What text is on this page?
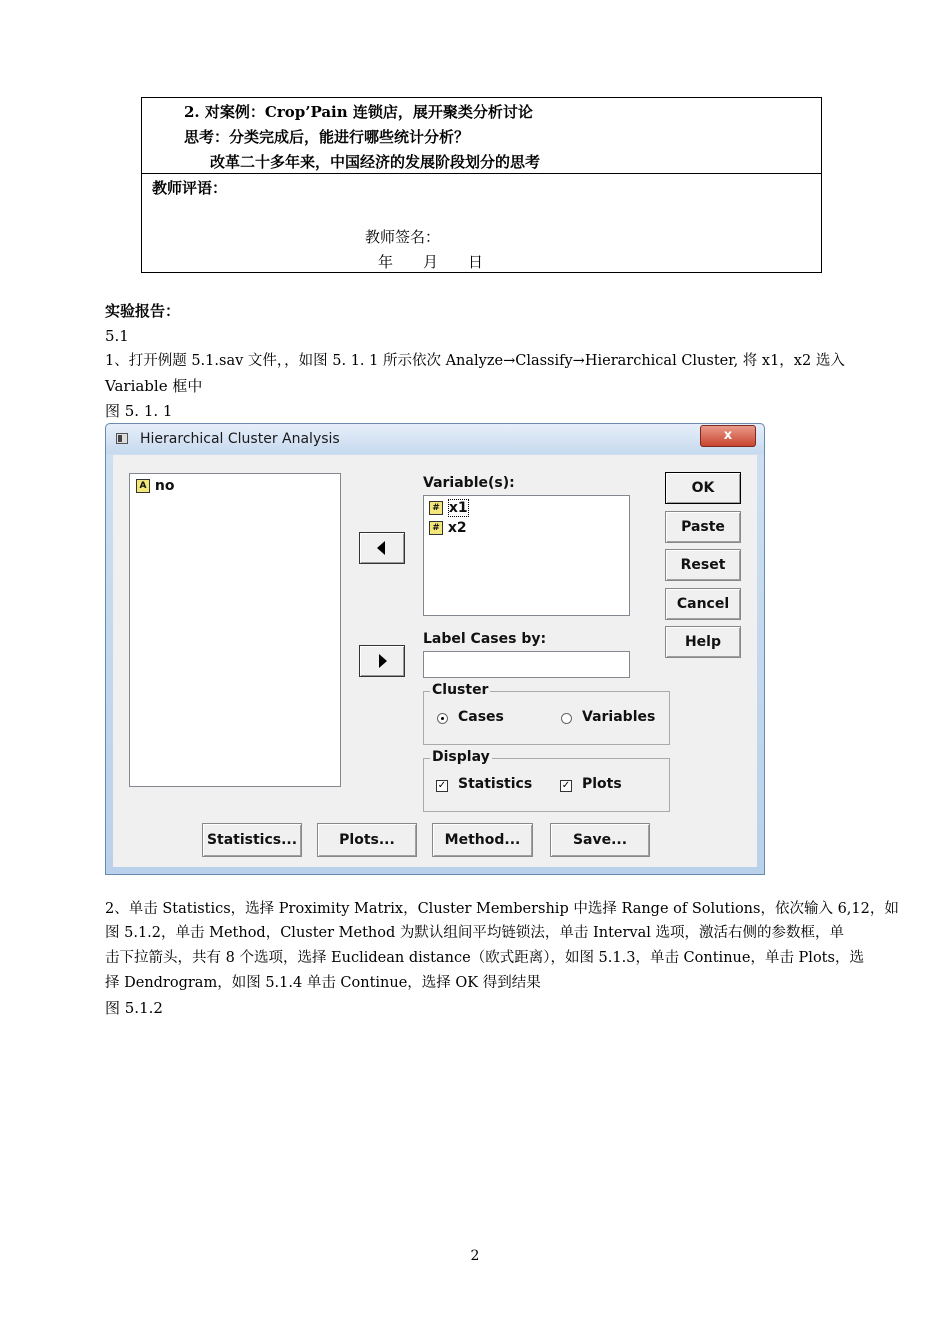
2. 对案例：Crop’Pain 连锁店，展开聚类分析讨论
思考：分类完成后，能进行哪些统计分析？
改革二十多年来，中国经济的发展阶段划分的思考
教师评语：
教师签名：
年　　月　　日
实验报告：
5.1
1、打开例题 5.1.sav 文件，，如图 5. 1. 1 所示依次 Analyze→Classify→Hierarchical Cluster, 将 x1，x2 选入
Variable 框中
图 5. 1. 1
Hierarchical Cluster Analysis	x
A no	Variable(s):
# x1
# x2
Label Cases by:
Cluster
Cases	Variables
Display
✓ Statistics	✓ Plots
OK
Paste
Reset
Cancel
Help
Statistics...	Plots...	Method...	Save...
2、单击 Statistics，选择 Proximity Matrix，Cluster Membership 中选择 Range of Solutions，依次输入 6,12，如
图 5.1.2，单击 Method，Cluster Method 为默认组间平均链锁法，单击 Interval 选项，激活右侧的参数框，单
击下拉箭头，共有 8 个选项，选择 Euclidean distance（欧式距离），如图 5.1.3，单击 Continue，单击 Plots，选
择 Dendrogram，如图 5.1.4 单击 Continue，选择 OK 得到结果
图 5.1.2
2
